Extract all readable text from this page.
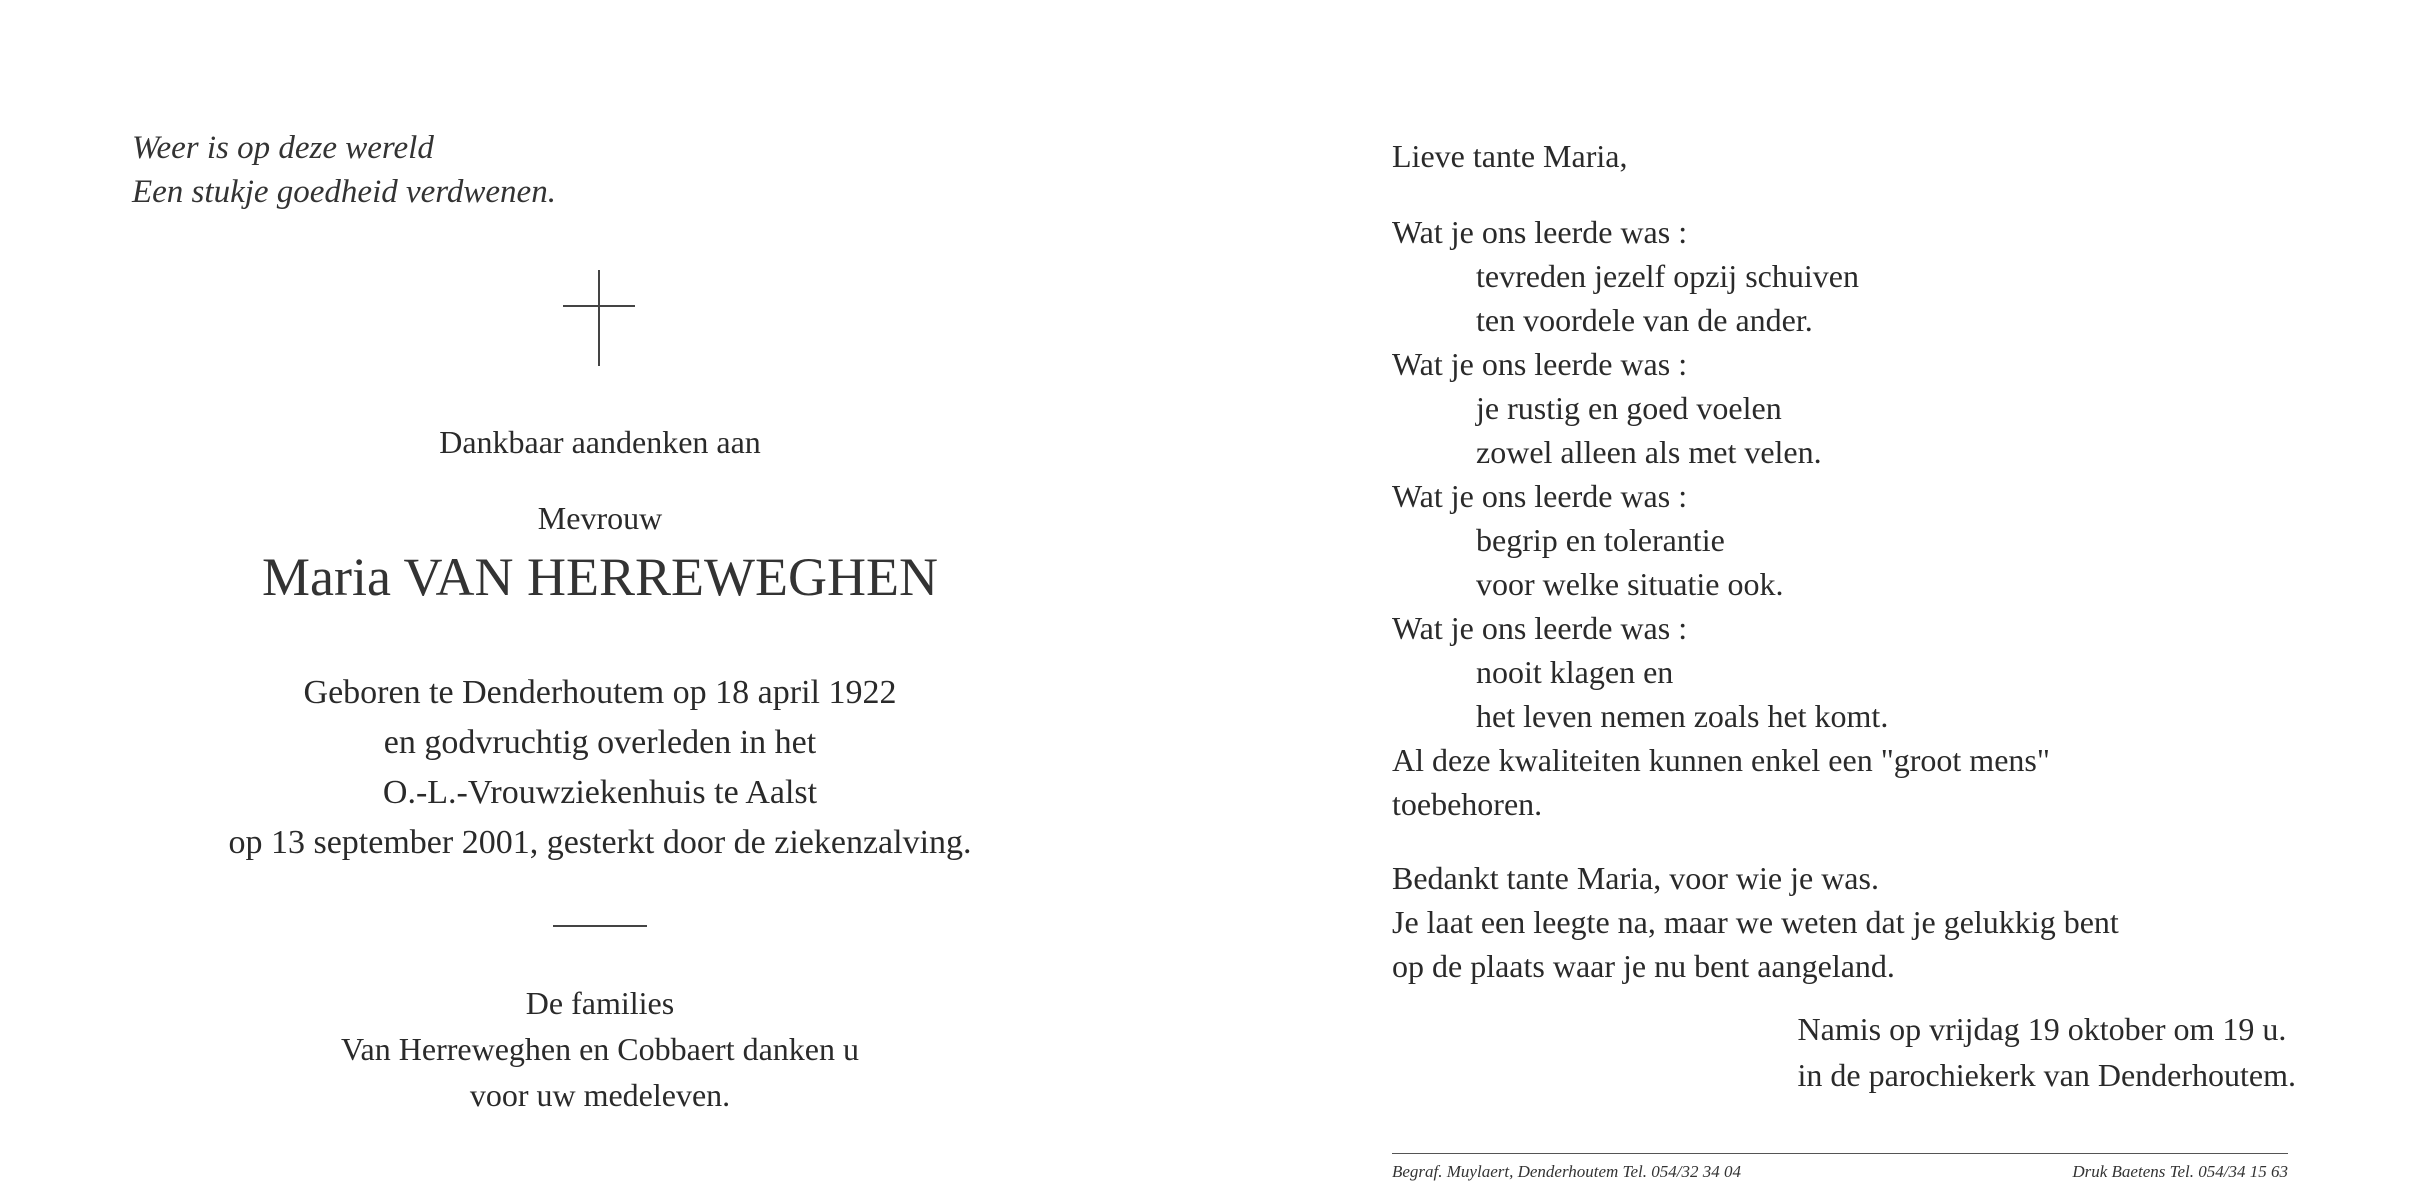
Weer is op deze wereld
Een stukje goedheid verdwenen.
Dankbaar aandenken aan
Mevrouw
Maria VAN HERREWEGHEN
Geboren te Denderhoutem op 18 april 1922
en godvruchtig overleden in het
O.-L.-Vrouwziekenhuis te Aalst
op 13 september 2001, gesterkt door de ziekenzalving.
De families
Van Herreweghen en Cobbaert danken u
voor uw medeleven.
Lieve tante Maria,
Wat je ons leerde was :
tevreden jezelf opzij schuiven
ten voordele van de ander.
Wat je ons leerde was :
je rustig en goed voelen
zowel alleen als met velen.
Wat je ons leerde was :
begrip en tolerantie
voor welke situatie ook.
Wat je ons leerde was :
nooit klagen en
het leven nemen zoals het komt.
Al deze kwaliteiten kunnen enkel een "groot mens"
toebehoren.
Bedankt tante Maria, voor wie je was.
Je laat een leegte na, maar we weten dat je gelukkig bent
op de plaats waar je nu bent aangeland.
Namis op vrijdag 19 oktober om 19 u.
in de parochiekerk van Denderhoutem.
Begraf. Muylaert, Denderhoutem Tel. 054/32 34 04	Druk Baetens Tel. 054/34 15 63
